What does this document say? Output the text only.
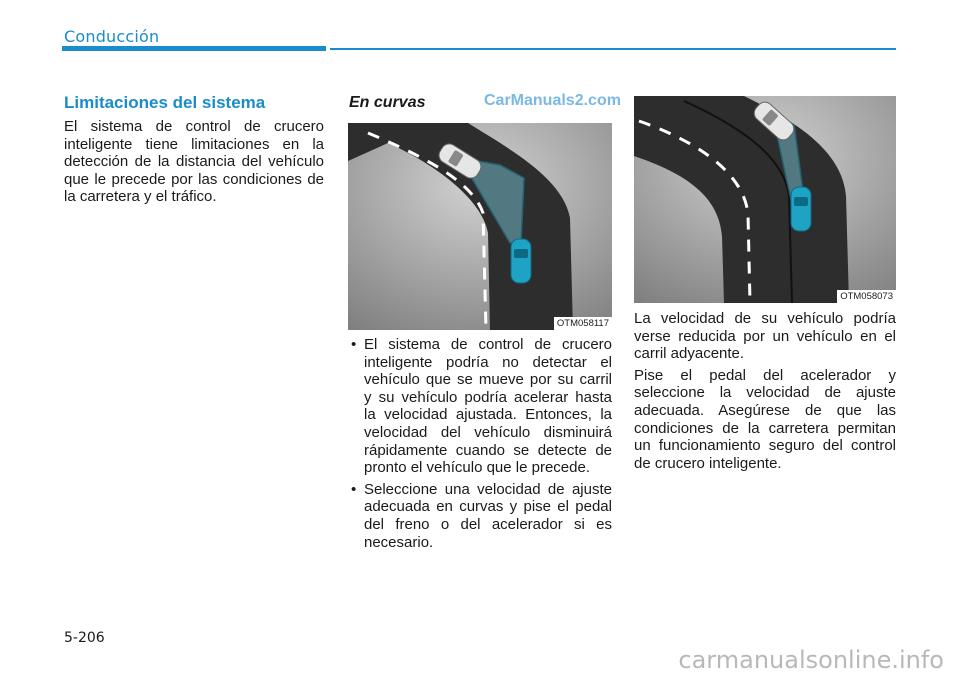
Conducción
Limitaciones del sistema
El sistema de control de crucero inteligente tiene limitaciones en la detección de la distancia del vehículo que le precede por las condiciones de la carretera y el tráfico.
En curvas	CarManuals2.com
OTM058117
• El sistema de control de crucero inteligente podría no detectar el vehículo que se mueve por su carril y su vehículo podría acelerar hasta la velocidad ajustada. Entonces, la velocidad del vehículo disminuirá rápidamente cuando se detecte de pronto el vehículo que le precede.
• Seleccione una velocidad de ajuste adecuada en curvas y pise el pedal del freno o del acelerador si es necesario.
OTM058073

La velocidad de su vehículo podría verse reducida por un vehículo en el carril adyacente.

Pise el pedal del acelerador y seleccione la velocidad de ajuste adecuada. Asegúrese de que las condiciones de la carretera permitan un funcionamiento seguro del control de crucero inteligente.

5-206
carmanualsonline.info
